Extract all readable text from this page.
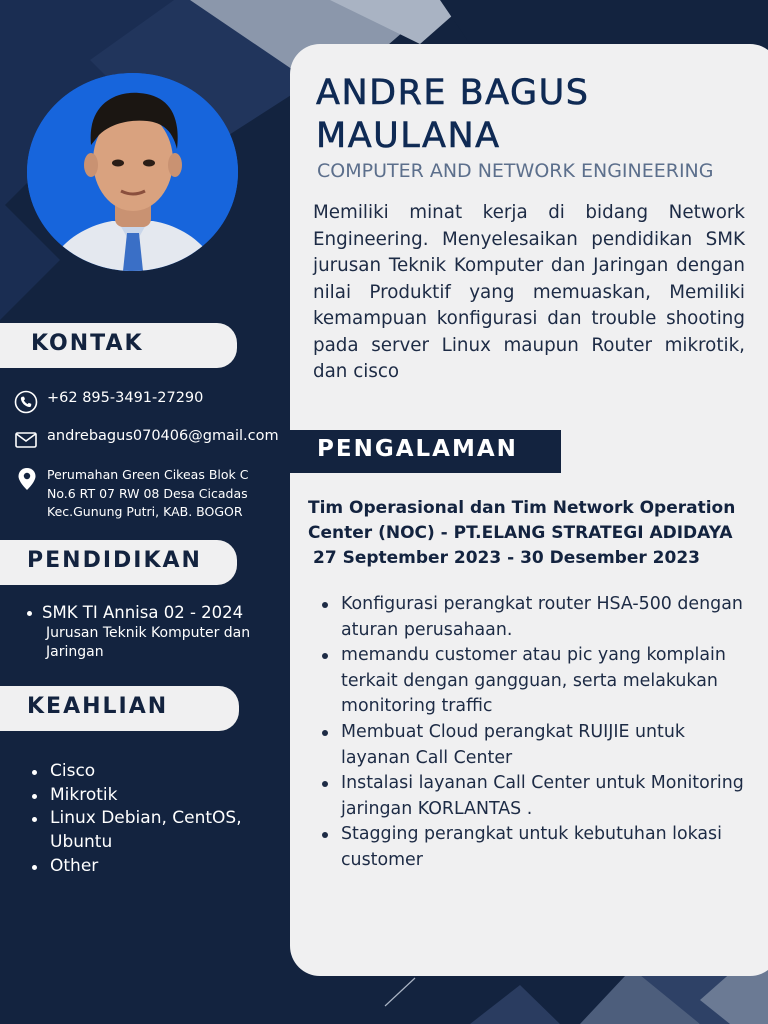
ANDRE BAGUS
MAULANA
COMPUTER AND NETWORK ENGINEERING

Memiliki minat kerja di bidang Network Engineering. Menyelesaikan pendidikan SMK jurusan Teknik Komputer dan Jaringan dengan nilai Produktif yang memuaskan, Memiliki kemampuan konfigurasi dan trouble shooting pada server Linux maupun Router mikrotik, dan cisco

KONTAK
+62 895-3491-27290
andrebagus070406@gmail.com
Perumahan Green Cikeas Blok C
No.6 RT 07 RW 08 Desa Cicadas
Kec.Gunung Putri, KAB. BOGOR
PENDIDIKAN
SMK TI Annisa 02 - 2024
Jurusan Teknik Komputer dan
Jaringan
KEAHLIAN
Cisco
Mikrotik
Linux Debian, CentOS,
Ubuntu
Other
PENGALAMAN
Tim Operasional dan Tim Network Operation
Center (NOC) - PT.ELANG STRATEGI ADIDAYA
27 September 2023 - 30 Desember 2023
Konfigurasi perangkat router HSA-500 dengan aturan perusahaan.
memandu customer atau pic yang komplain terkait dengan gangguan, serta melakukan monitoring traffic
Membuat Cloud perangkat RUIJIE untuk layanan Call Center
Instalasi layanan Call Center untuk Monitoring jaringan KORLANTAS .
Stagging perangkat untuk kebutuhan lokasi customer
